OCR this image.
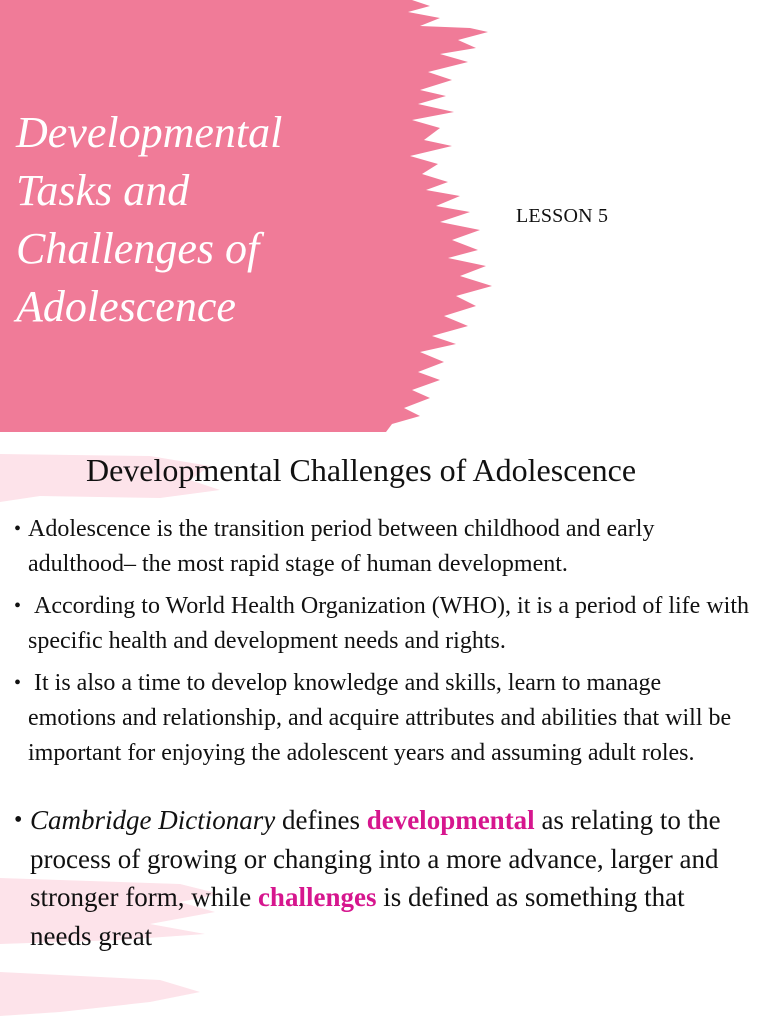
Developmental
Tasks and
Challenges of
Adolescence
LESSON 5
Developmental Challenges of Adolescence
• Adolescence is the transition period between childhood and early adulthood– the most rapid stage of human development.
• According to World Health Organization (WHO), it is a period of life with specific health and development needs and rights.
• It is also a time to develop knowledge and skills, learn to manage emotions and relationship, and acquire attributes and abilities that will be important for enjoying the adolescent years and assuming adult roles.
• Cambridge Dictionary defines developmental as relating to the process of growing or changing into a more advance, larger and stronger form, while challenges is defined as something that needs great
